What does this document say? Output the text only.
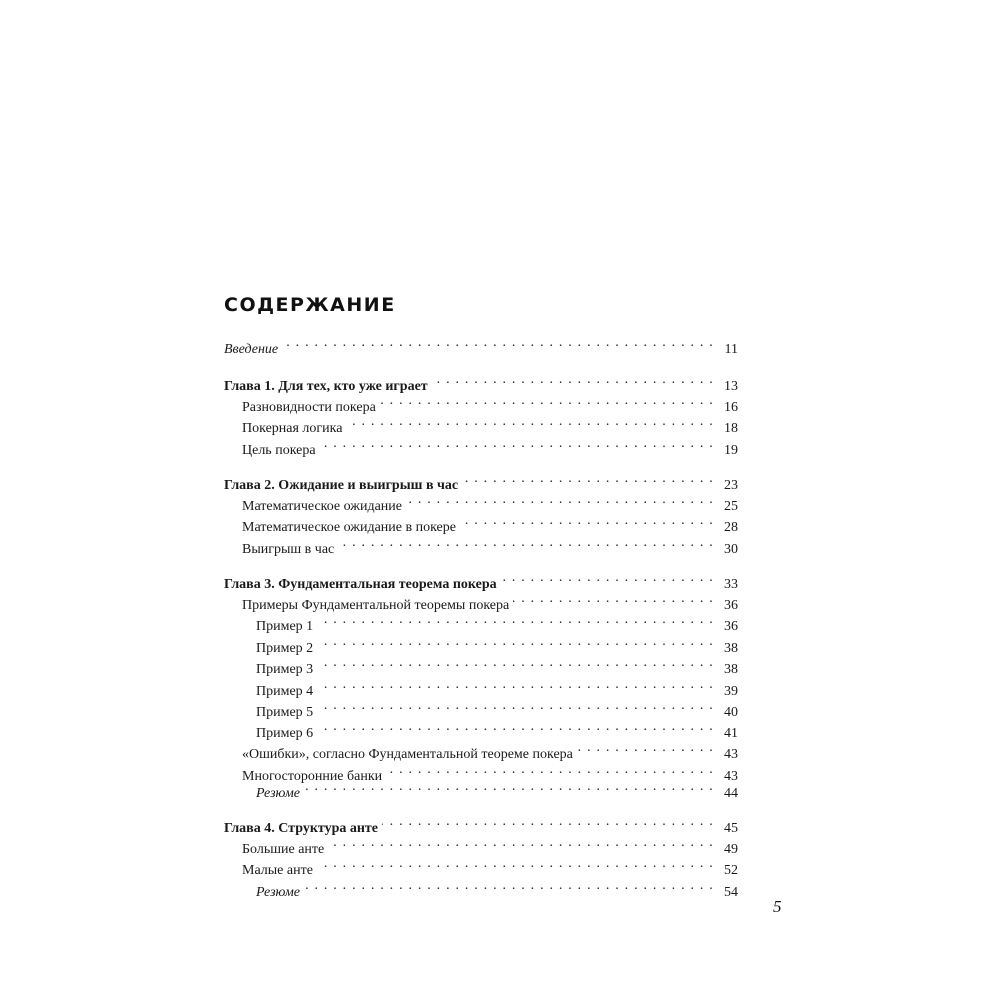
СОДЕРЖАНИЕ
Введение . . .	11
Глава 1. Для тех, кто уже играет . . .	13
Разновидности покера . . .	16
Покерная логика . . .	18
Цель покера . . .	19
Глава 2. Ожидание и выигрыш в час . . .	23
Математическое ожидание . . .	25
Математическое ожидание в покере . . .	28
Выигрыш в час . . .	30
Глава 3. Фундаментальная теорема покера . . .	33
Примеры Фундаментальной теоремы покера . . .	36
Пример 1 . . .	36
Пример 2 . . .	38
Пример 3 . . .	38
Пример 4 . . .	39
Пример 5 . . .	40
Пример 6 . . .	41
«Ошибки», согласно Фундаментальной теореме покера . . .	43
Многосторонние банки . . .	43
Резюме . . .	44
Глава 4. Структура анте . . .	45
Большие анте . . .	49
Малые анте . . .	52
Резюме . . .	54
5
